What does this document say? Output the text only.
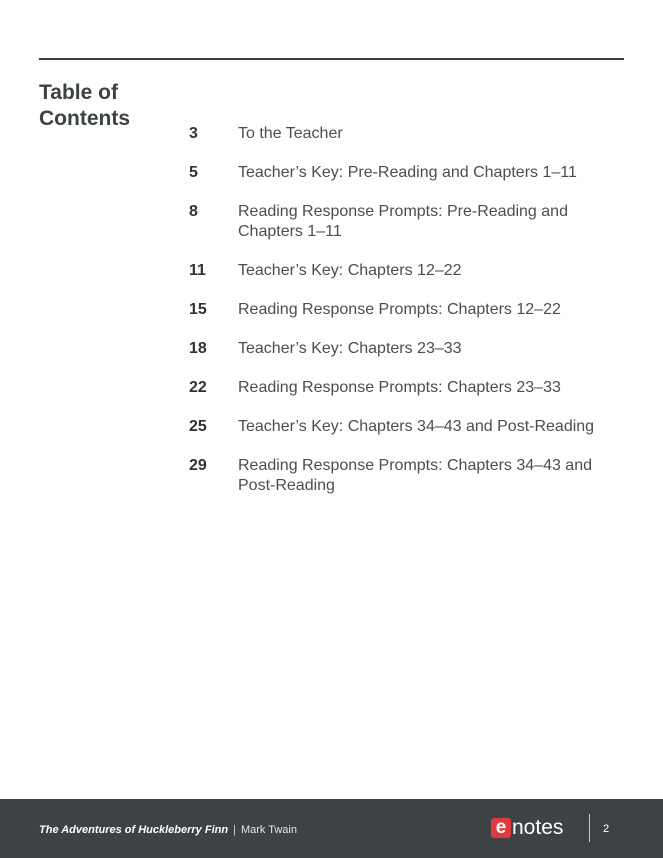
Table of Contents
3	To the Teacher
5	Teacher’s Key: Pre-Reading and Chapters 1–11
8	Reading Response Prompts: Pre-Reading and Chapters 1–11
11	Teacher’s Key: Chapters 12–22
15	Reading Response Prompts: Chapters 12–22
18	Teacher’s Key: Chapters 23–33
22	Reading Response Prompts: Chapters 23–33
25	Teacher’s Key: Chapters 34–43 and Post-Reading
29	Reading Response Prompts: Chapters 34–43 and Post-Reading
The Adventures of Huckleberry Finn | Mark Twain	e notes	2
